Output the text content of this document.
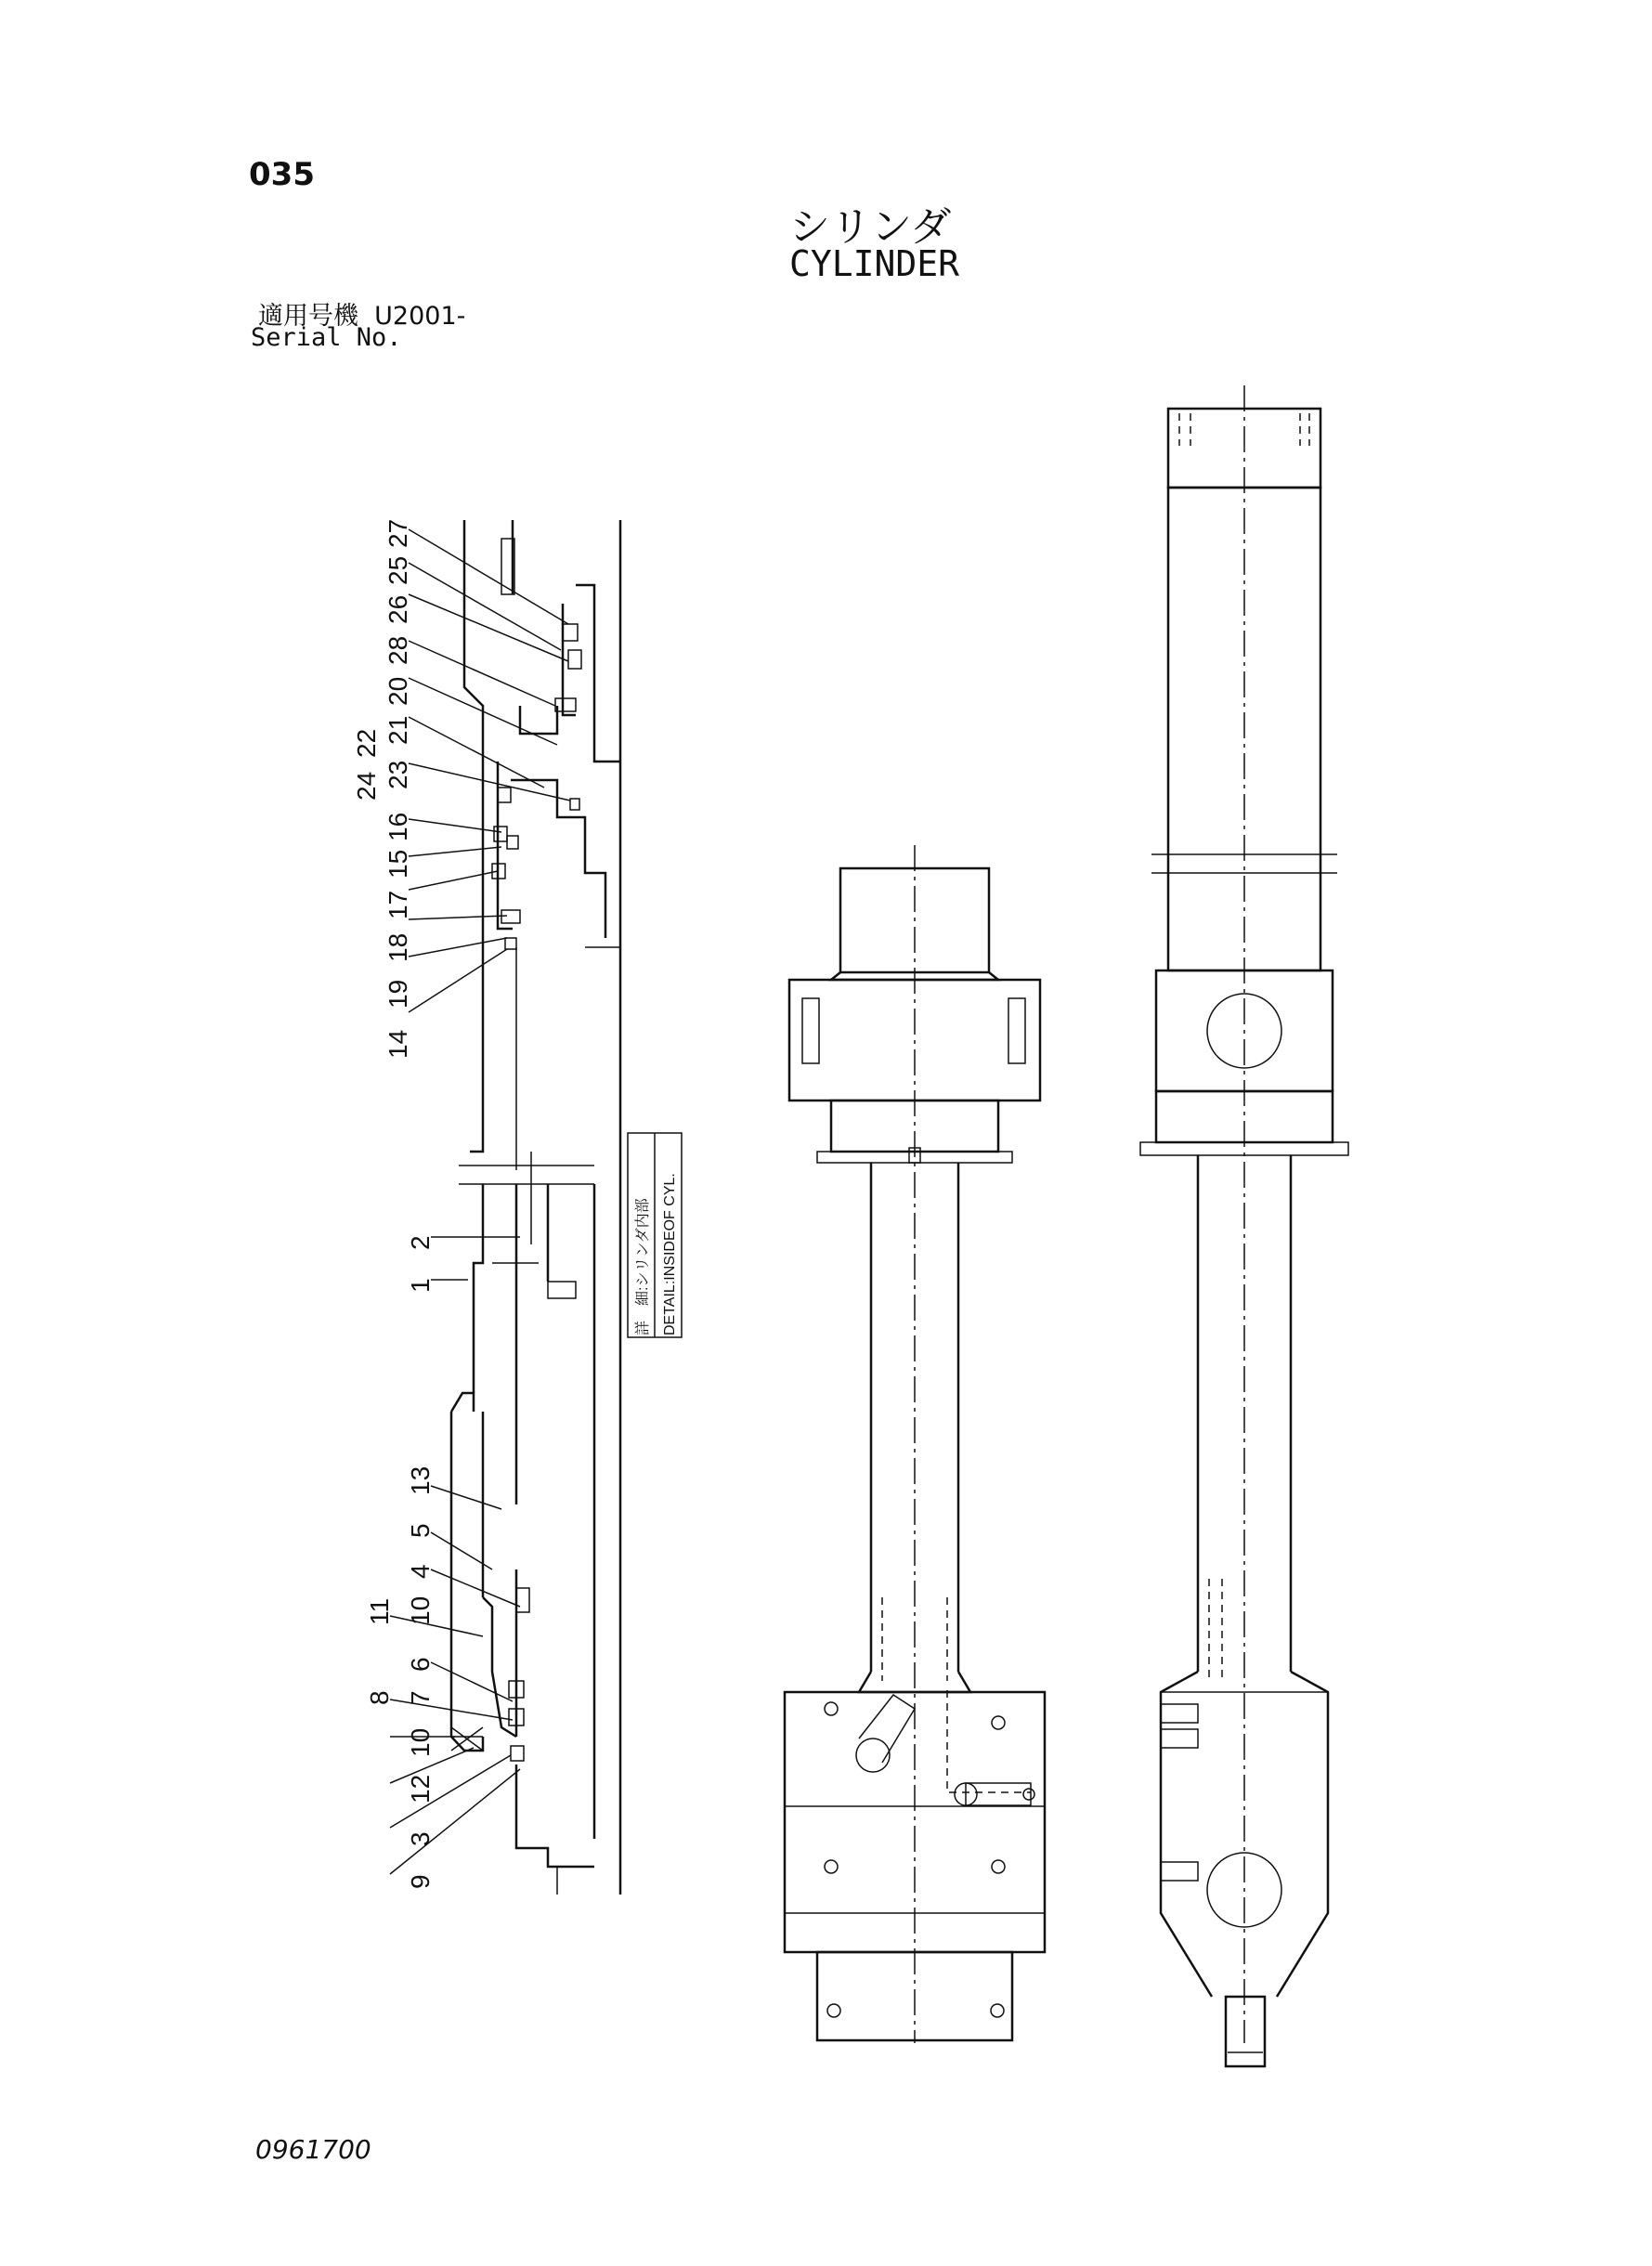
035
シリンダ
CYLINDER
適用号機 U2001-
Serial No.
0961700
詳　細:シリンダ内部 DETAIL:INSIDEOF CYL.
27
25
26
28
20
21
22
24 23
16
15
17
18
19
14
2
1
13
5
4
11 10
6
8 7
10
12
3
9
